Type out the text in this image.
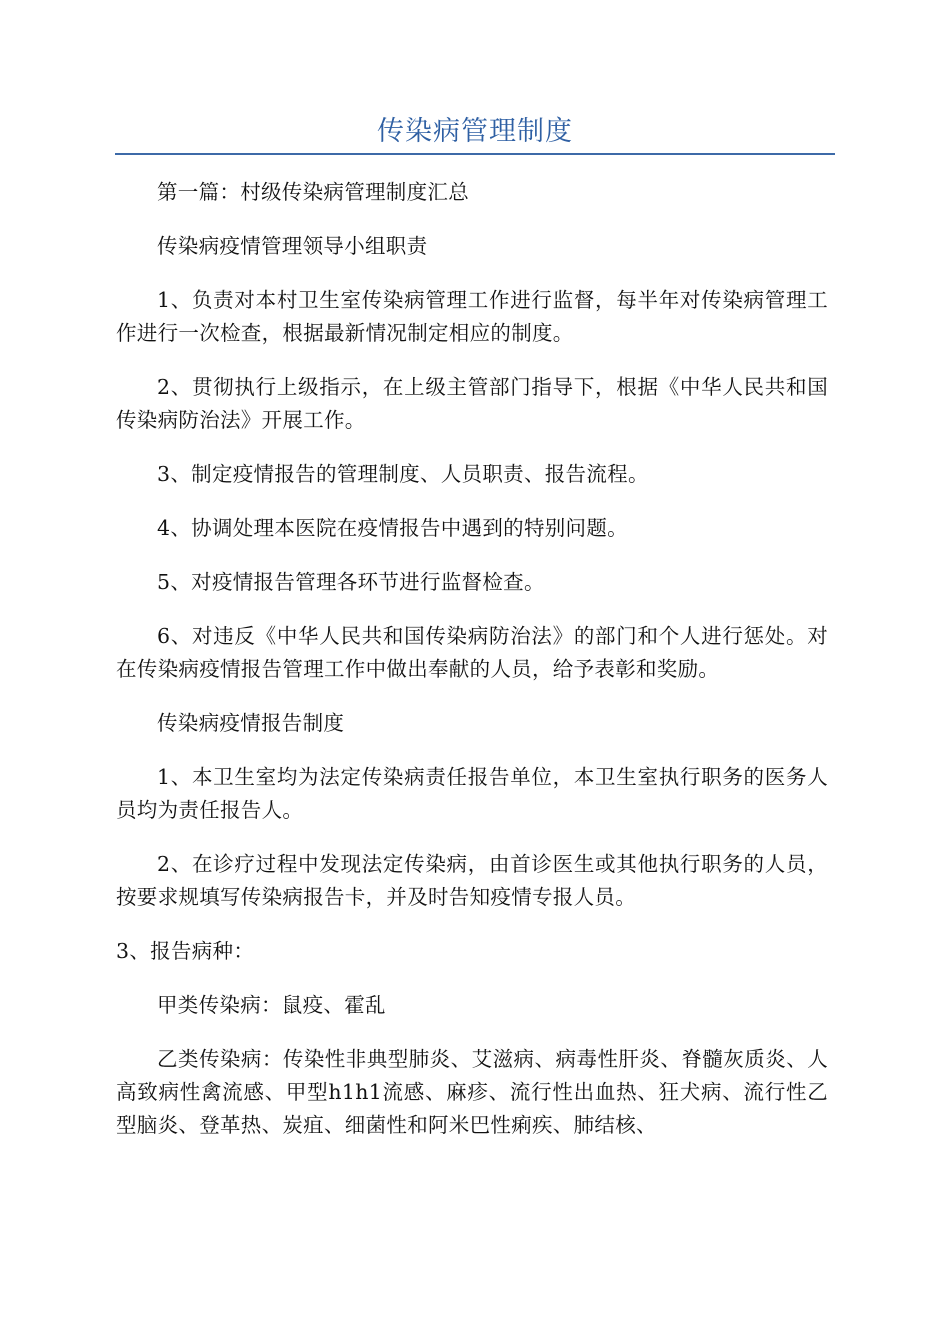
传染病管理制度

第一篇：村级传染病管理制度汇总

传染病疫情管理领导小组职责

1、负责对本村卫生室传染病管理工作进行监督，每半年对传染病管理工作进行一次检查，根据最新情况制定相应的制度。

2、贯彻执行上级指示，在上级主管部门指导下，根据《中华人民共和国传染病防治法》开展工作。

3、制定疫情报告的管理制度、人员职责、报告流程。

4、协调处理本医院在疫情报告中遇到的特别问题。

5、对疫情报告管理各环节进行监督检查。

6、对违反《中华人民共和国传染病防治法》的部门和个人进行惩处。对在传染病疫情报告管理工作中做出奉献的人员，给予表彰和奖励。

传染病疫情报告制度

1、本卫生室均为法定传染病责任报告单位，本卫生室执行职务的医务人员均为责任报告人。

2、在诊疗过程中发现法定传染病，由首诊医生或其他执行职务的人员，按要求规填写传染病报告卡，并及时告知疫情专报人员。

3、报告病种：

甲类传染病：鼠疫、霍乱

乙类传染病：传染性非典型肺炎、艾滋病、病毒性肝炎、脊髓灰质炎、人高致病性禽流感、甲型h1h1流感、麻疹、流行性出血热、狂犬病、流行性乙型脑炎、登革热、炭疽、细菌性和阿米巴性痢疾、肺结核、
